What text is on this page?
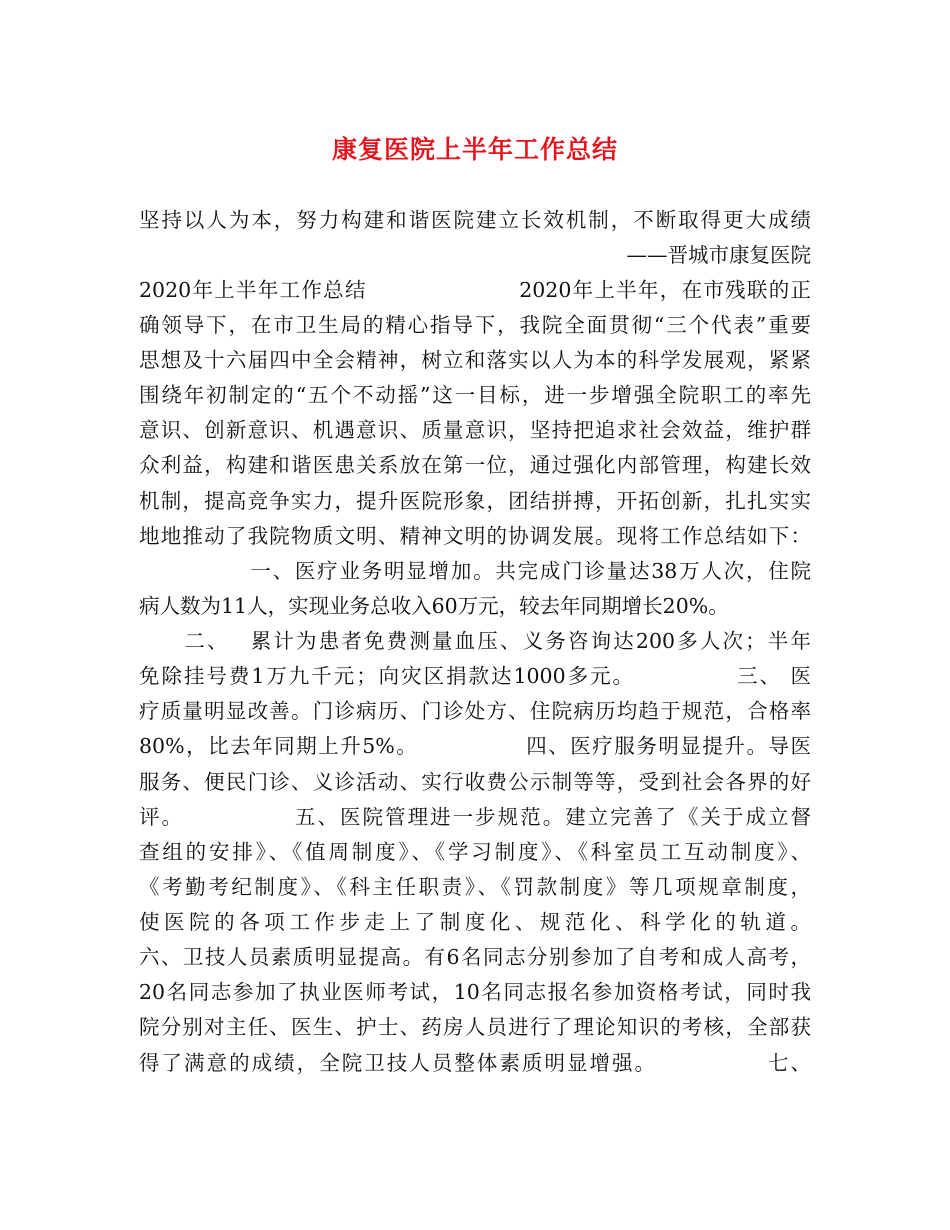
康复医院上半年工作总结
坚持以人为本，努力构建和谐医院建立长效机制，不断取得更大成绩
——晋城市康复医院
2020年上半年工作总结　　　　　　　2020年上半年，在市残联的正
确领导下，在市卫生局的精心指导下，我院全面贯彻“三个代表”重要
思想及十六届四中全会精神，树立和落实以人为本的科学发展观，紧紧
围绕年初制定的“五个不动摇”这一目标，进一步增强全院职工的率先
意识、创新意识、机遇意识、质量意识，坚持把追求社会效益，维护群
众利益，构建和谐医患关系放在第一位，通过强化内部管理，构建长效
机制，提高竞争实力，提升医院形象，团结拼搏，开拓创新，扎扎实实
地地推动了我院物质文明、精神文明的协调发展。现将工作总结如下：
　　　　　一、医疗业务明显增加。共完成门诊量达38万人次，住院
病人数为11人，实现业务总收入60万元，较去年同期增长20%。
　　二、　 累计为患者免费测量血压、义务咨询达200多人次；半年
免除挂号费1万九千元；向灾区捐款达1000多元。　　　　　三、 医
疗质量明显改善。门诊病历、门诊处方、住院病历均趋于规范，合格率
80%，比去年同期上升5%。　　　　　 四、医疗服务明显提升。导医
服务、便民门诊、义诊活动、实行收费公示制等等，受到社会各界的好
评。　　　　　 五、医院管理进一步规范。建立完善了《关于成立督
查组的安排》、《值周制度》、《学习制度》、《科室员工互动制度》、
《考勤考纪制度》、《科主任职责》、《罚款制度》等几项规章制度，
使医院的各项工作步走上了制度化、规范化、科学化的轨道。
六、卫技人员素质明显提高。有6名同志分别参加了自考和成人高考，
20名同志参加了执业医师考试，10名同志报名参加资格考试，同时我
院分别对主任、医生、护士、药房人员进行了理论知识的考核，全部获
得了满意的成绩，全院卫技人员整体素质明显增强。　　　　　 七、
